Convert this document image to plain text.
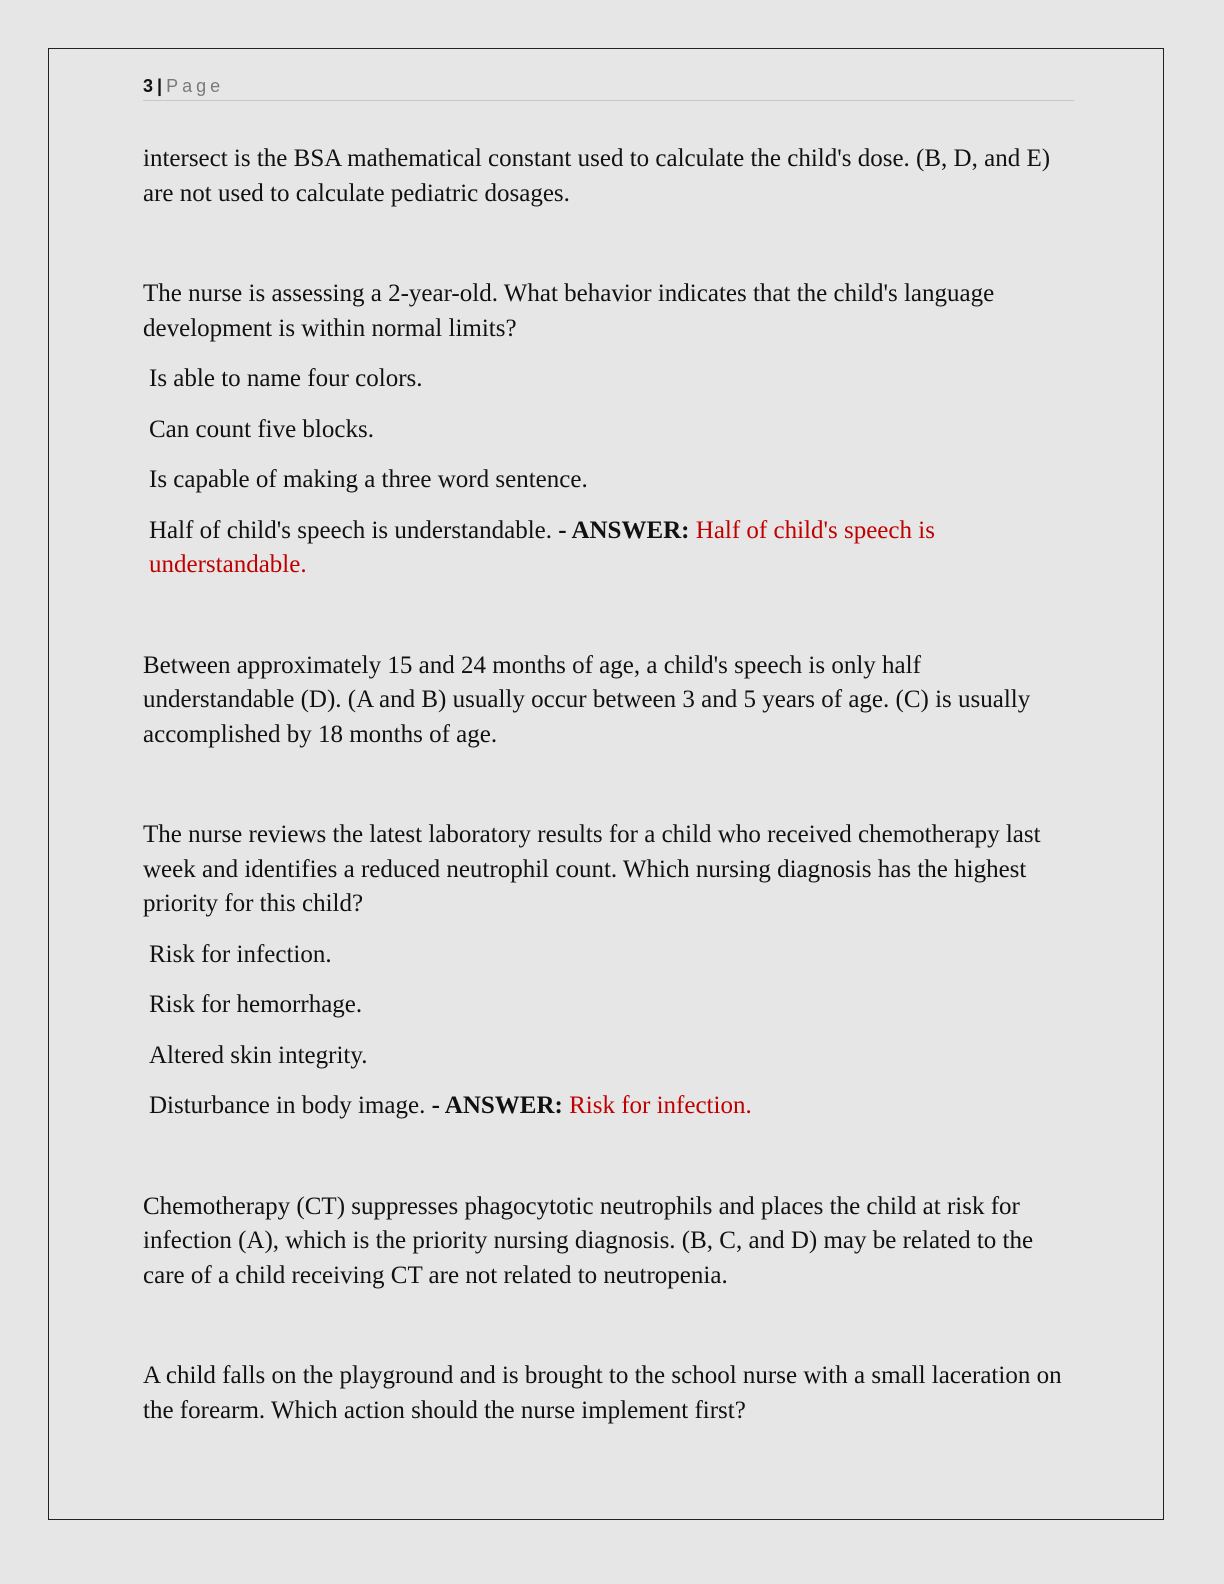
3 | Page

intersect is the BSA mathematical constant used to calculate the child's dose. (B, D, and E) are not used to calculate pediatric dosages.

The nurse is assessing a 2-year-old. What behavior indicates that the child's language development is within normal limits?

Is able to name four colors.

Can count five blocks.

Is capable of making a three word sentence.

Half of child's speech is understandable. - ANSWER: Half of child's speech is understandable.

Between approximately 15 and 24 months of age, a child's speech is only half understandable (D). (A and B) usually occur between 3 and 5 years of age. (C) is usually accomplished by 18 months of age.

The nurse reviews the latest laboratory results for a child who received chemotherapy last week and identifies a reduced neutrophil count. Which nursing diagnosis has the highest priority for this child?

Risk for infection.

Risk for hemorrhage.

Altered skin integrity.

Disturbance in body image. - ANSWER: Risk for infection.

Chemotherapy (CT) suppresses phagocytotic neutrophils and places the child at risk for infection (A), which is the priority nursing diagnosis. (B, C, and D) may be related to the care of a child receiving CT are not related to neutropenia.

A child falls on the playground and is brought to the school nurse with a small laceration on the forearm. Which action should the nurse implement first?
